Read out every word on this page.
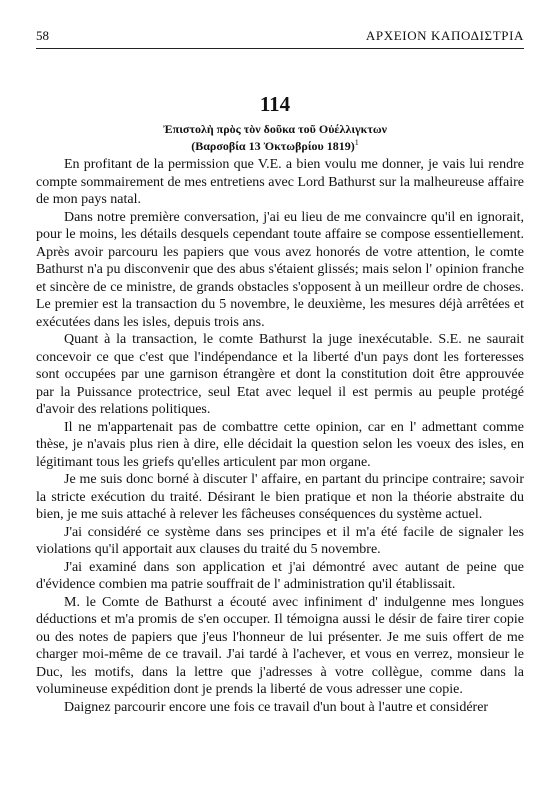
58	ΑΡΧΕΙΟΝ ΚΑΠΟΔΙΣΤΡΙΑ
114
Ἐπιστολὴ πρὸς τὸν δοῦκα τοῦ Οὐέλλιγκτων
(Βαρσοβία 13 Ὀκτωβρίου 1819)$^1$

En profitant de la permission que V.E. a bien voulu me donner, je vais lui rendre compte sommairement de mes entretiens avec Lord Bathurst sur la malheureuse affaire de mon pays natal.

Dans notre première conversation, j'ai eu lieu de me convaincre qu'il en ignorait, pour le moins, les détails desquels cependant toute affaire se compose essentiellement. Après avoir parcouru les papiers que vous avez honorés de votre attention, le comte Bathurst n'a pu disconvenir que des abus s'étaient glissés; mais selon l' opinion franche et sincère de ce ministre, de grands obstacles s'opposent à un meilleur ordre de choses. Le premier est la transaction du 5 novembre, le deuxième, les mesures déjà arrêtées et exécutées dans les isles, depuis trois ans.

Quant à la transaction, le comte Bathurst la juge inexécutable. S.E. ne saurait concevoir ce que c'est que l'indépendance et la liberté d'un pays dont les forteresses sont occupées par une garnison étrangère et dont la constitution doit être approuvée par la Puissance protectrice, seul Etat avec lequel il est permis au peuple protégé d'avoir des relations politiques.

Il ne m'appartenait pas de combattre cette opinion, car en l' admettant comme thèse, je n'avais plus rien à dire, elle décidait la question selon les voeux des isles, en légitimant tous les griefs qu'elles articulent par mon organe.

Je me suis donc borné à discuter l' affaire, en partant du principe contraire; savoir la stricte exécution du traité. Désirant le bien pratique et non la théorie abstraite du bien, je me suis attaché à relever les fâcheuses conséquences du système actuel.

J'ai considéré ce système dans ses principes et il m'a été facile de signaler les violations qu'il apportait aux clauses du traité du 5 novembre.

J'ai examiné dans son application et j'ai démontré avec autant de peine que d'évidence combien ma patrie souffrait de l' administration qu'il établissait.

M. le Comte de Bathurst a écouté avec infiniment d' indulgenne mes longues déductions et m'a promis de s'en occuper. Il témoigna aussi le désir de faire tirer copie ou des notes de papiers que j'eus l'honneur de lui présenter. Je me suis offert de me charger moi-même de ce travail. J'ai tardé à l'achever, et vous en verrez, monsieur le Duc, les motifs, dans la lettre que j'adresses à votre collègue, comme dans la volumineuse expédition dont je prends la liberté de vous adresser une copie.

Daignez parcourir encore une fois ce travail d'un bout à l'autre et considérer
